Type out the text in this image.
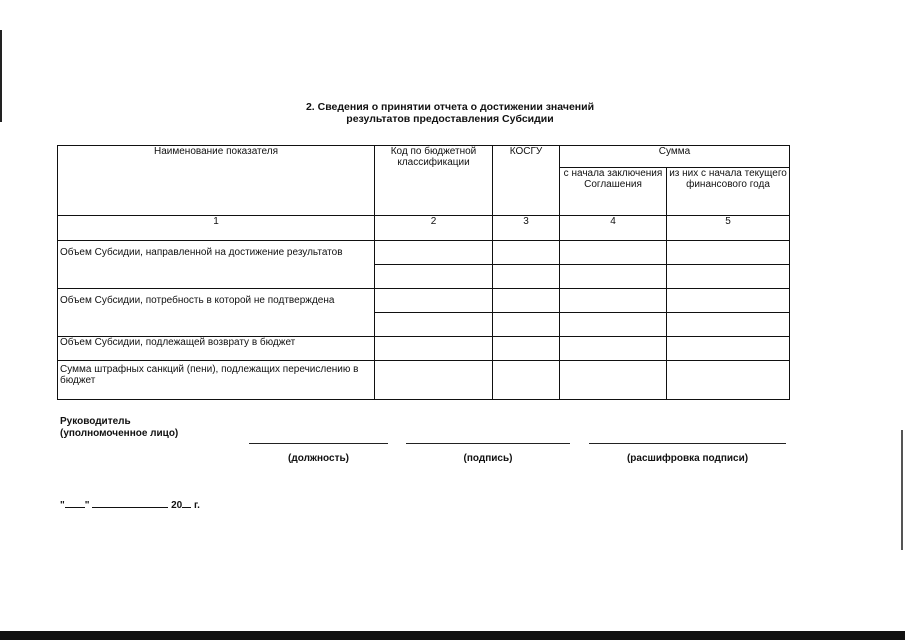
2. Сведения о принятии отчета о достижении значений
результатов предоставления Субсидии
Наименование показателя	Код по бюджетной классификации	КОСГУ	Сумма	
			с начала заключения Соглашения	из них с начала текущего финансового года
1	2	3	4	5
Объем Субсидии, направленной на достижение результатов				

Объем Субсидии, потребность в которой не подтверждена				

Объем Субсидии, подлежащей возврату в бюджет				
Сумма штрафных санкций (пени), подлежащих перечислению в бюджет				
Руководитель
(уполномоченное лицо)
(должность)	(подпись)	(расшифровка подписи)
" "	20 г.
